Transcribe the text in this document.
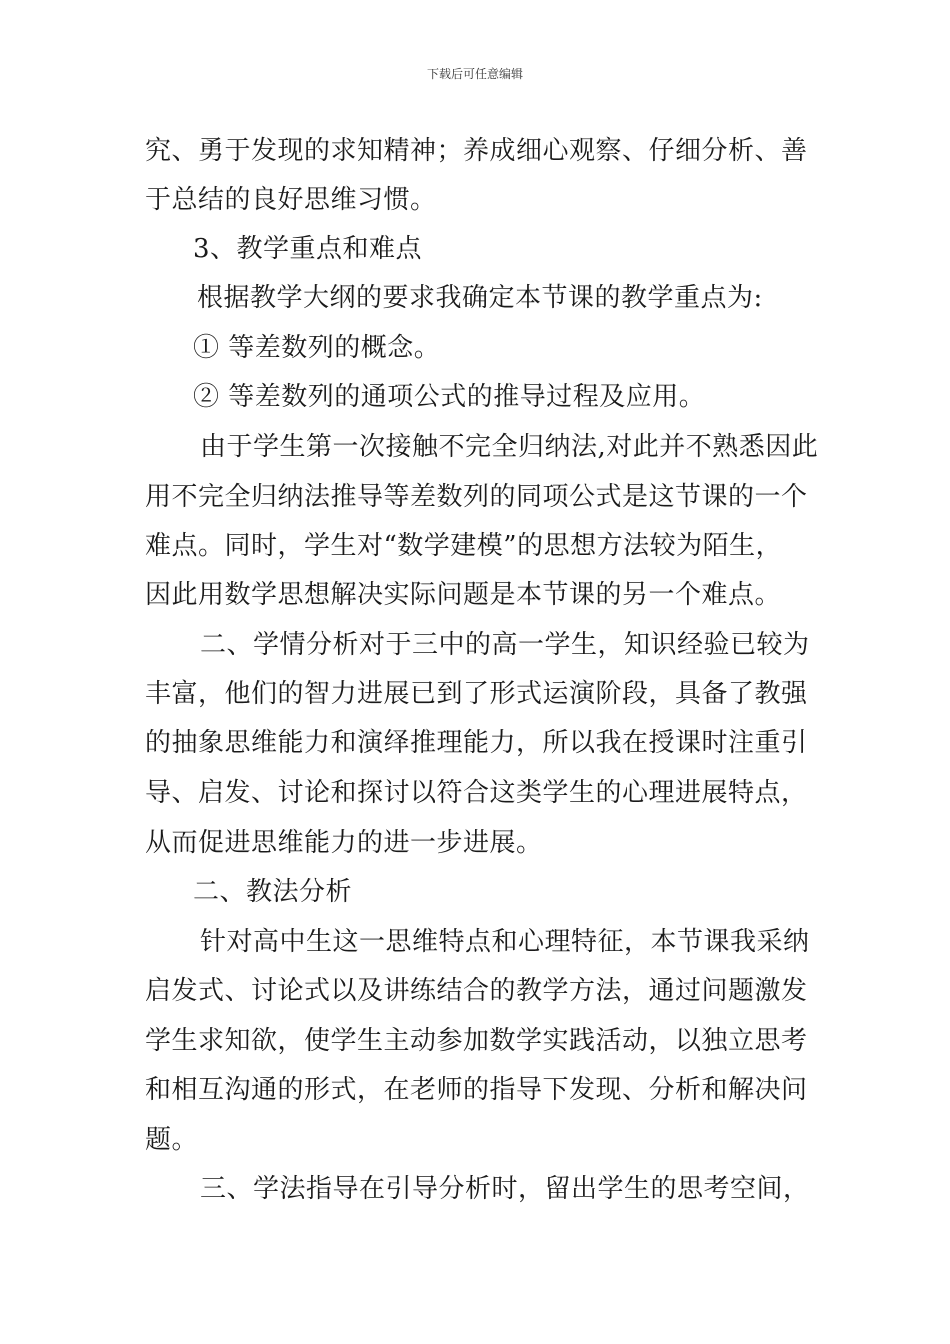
下载后可任意编辑
究、勇于发现的求知精神；养成细心观察、仔细分析、善
于总结的良好思维习惯。
3、教学重点和难点
根据教学大纲的要求我确定本节课的教学重点为:
① 等差数列的概念。
② 等差数列的通项公式的推导过程及应用。
由于学生第一次接触不完全归纳法,对此并不熟悉因此
用不完全归纳法推导等差数列的同项公式是这节课的一个
难点。同时，学生对“数学建模”的思想方法较为陌生，
因此用数学思想解决实际问题是本节课的另一个难点。
二、学情分析对于三中的高一学生，知识经验已较为
丰富，他们的智力进展已到了形式运演阶段，具备了教强
的抽象思维能力和演绎推理能力，所以我在授课时注重引
导、启发、讨论和探讨以符合这类学生的心理进展特点，
从而促进思维能力的进一步进展。
二、教法分析
针对高中生这一思维特点和心理特征，本节课我采纳
启发式、讨论式以及讲练结合的教学方法，通过问题激发
学生求知欲，使学生主动参加数学实践活动，以独立思考
和相互沟通的形式，在老师的指导下发现、分析和解决问
题。
三、学法指导在引导分析时，留出学生的思考空间，
